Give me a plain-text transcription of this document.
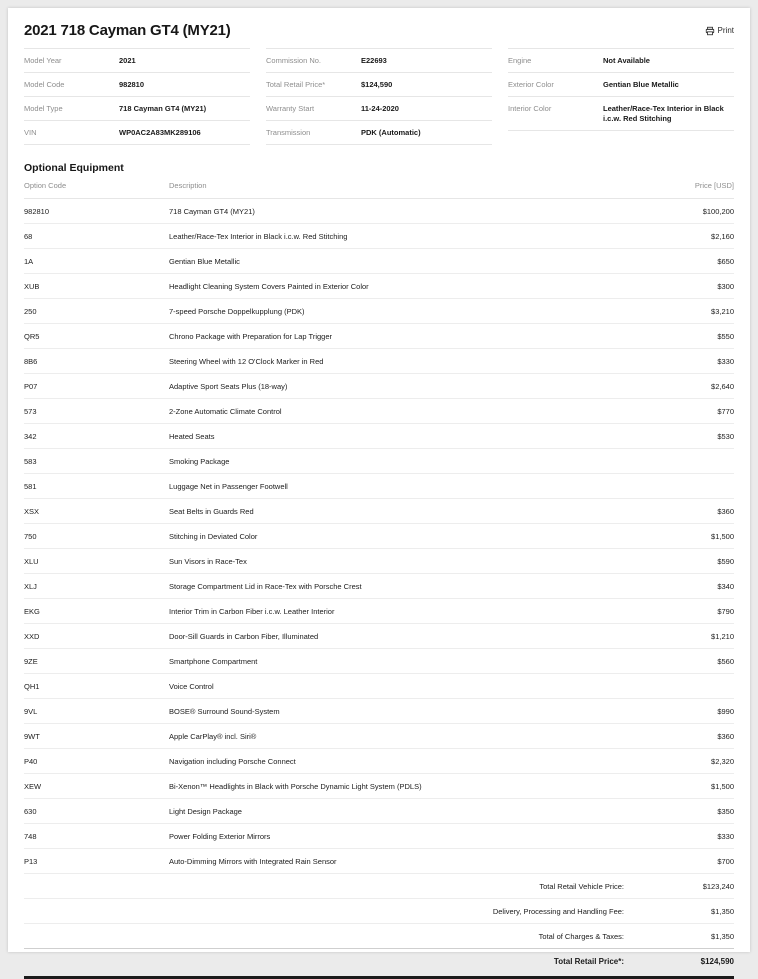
2021 718 Cayman GT4 (MY21)	Print
Model Year	2021
Model Code	982810
Model Type	718 Cayman GT4 (MY21)
VIN	WP0AC2A83MK289106
Commission No.	E22693
Total Retail Price*	$124,590
Warranty Start	11-24-2020
Transmission	PDK (Automatic)
Engine	Not Available
Exterior Color	Gentian Blue Metallic
Interior Color	Leather/Race-Tex Interior in Black i.c.w. Red Stitching
Optional Equipment
Option Code	Description	Price [USD]
982810	718 Cayman GT4 (MY21)	$100,200
68	Leather/Race-Tex Interior in Black i.c.w. Red Stitching	$2,160
1A	Gentian Blue Metallic	$650
XUB	Headlight Cleaning System Covers Painted in Exterior Color	$300
250	7-speed Porsche Doppelkupplung (PDK)	$3,210
QR5	Chrono Package with Preparation for Lap Trigger	$550
8B6	Steering Wheel with 12 O'Clock Marker in Red	$330
P07	Adaptive Sport Seats Plus (18-way)	$2,640
573	2-Zone Automatic Climate Control	$770
342	Heated Seats	$530
583	Smoking Package
581	Luggage Net in Passenger Footwell
XSX	Seat Belts in Guards Red	$360
750	Stitching in Deviated Color	$1,500
XLU	Sun Visors in Race-Tex	$590
XLJ	Storage Compartment Lid in Race-Tex with Porsche Crest	$340
EKG	Interior Trim in Carbon Fiber i.c.w. Leather Interior	$790
XXD	Door-Sill Guards in Carbon Fiber, Illuminated	$1,210
9ZE	Smartphone Compartment	$560
QH1	Voice Control
9VL	BOSE® Surround Sound-System	$990
9WT	Apple CarPlay® incl. Siri®	$360
P40	Navigation including Porsche Connect	$2,320
XEW	Bi-Xenon™ Headlights in Black with Porsche Dynamic Light System (PDLS)	$1,500
630	Light Design Package	$350
748	Power Folding Exterior Mirrors	$330
P13	Auto-Dimming Mirrors with Integrated Rain Sensor	$700
Total Retail Vehicle Price:	$123,240
Delivery, Processing and Handling Fee:	$1,350
Total of Charges & Taxes:	$1,350
Total Retail Price*:	$124,590
